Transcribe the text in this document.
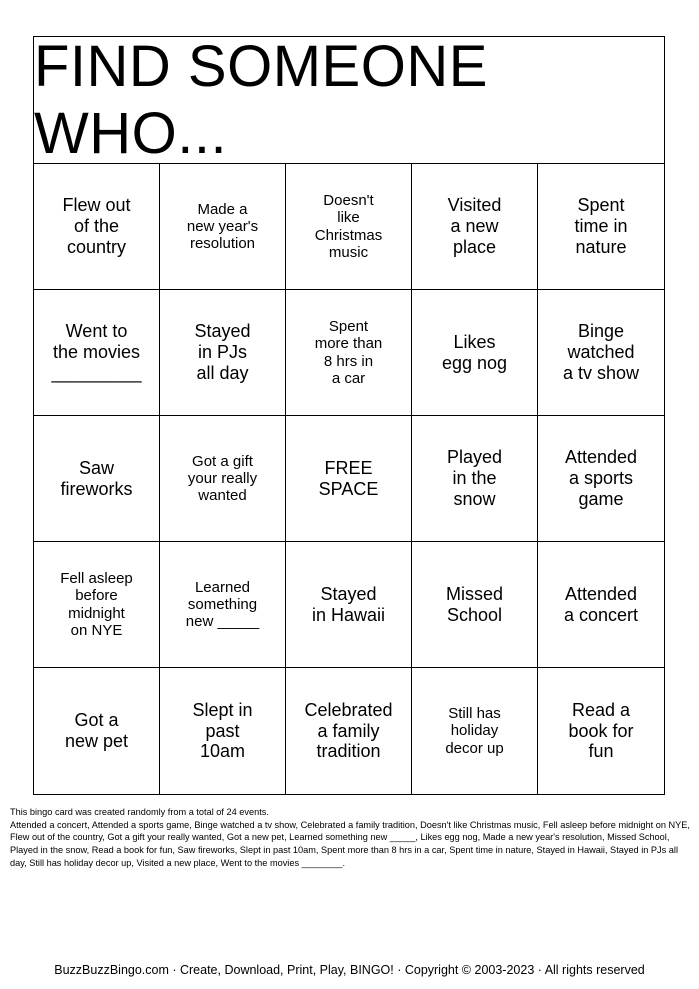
FIND SOMEONE WHO...
Flew out
of the
country
Made a
new year's
resolution
Doesn't
like
Christmas
music
Visited
a new
place
Spent
time in
nature
Went to
the movies
_________
Stayed
in PJs
all day
Spent
more than
8 hrs in
a car
Likes
egg nog
Binge
watched
a tv show
Saw
fireworks
Got a gift
your really
wanted
FREE
SPACE
Played
in the
snow
Attended
a sports
game
Fell asleep
before
midnight
on NYE
Learned
something
new _____
Stayed
in Hawaii
Missed
School
Attended
a concert
Got a
new pet
Slept in
past
10am
Celebrated
a family
tradition
Still has
holiday
decor up
Read a
book for
fun

This bingo card was created randomly from a total of 24 events.

Attended a concert, Attended a sports game, Binge watched a tv show, Celebrated a family tradition, Doesn't like Christmas music, Fell asleep before midnight on NYE, Flew out of the country, Got a gift your really wanted, Got a new pet, Learned something new _____, Likes egg nog, Made a new year's resolution, Missed School, Played in the snow, Read a book for fun, Saw fireworks, Slept in past 10am, Spent more than 8 hrs in a car, Spent time in nature, Stayed in Hawaii, Stayed in PJs all day, Still has holiday decor up, Visited a new place, Went to the movies ________.

BuzzBuzzBingo.com · Create, Download, Print, Play, BINGO! · Copyright © 2003-2023 · All rights reserved
